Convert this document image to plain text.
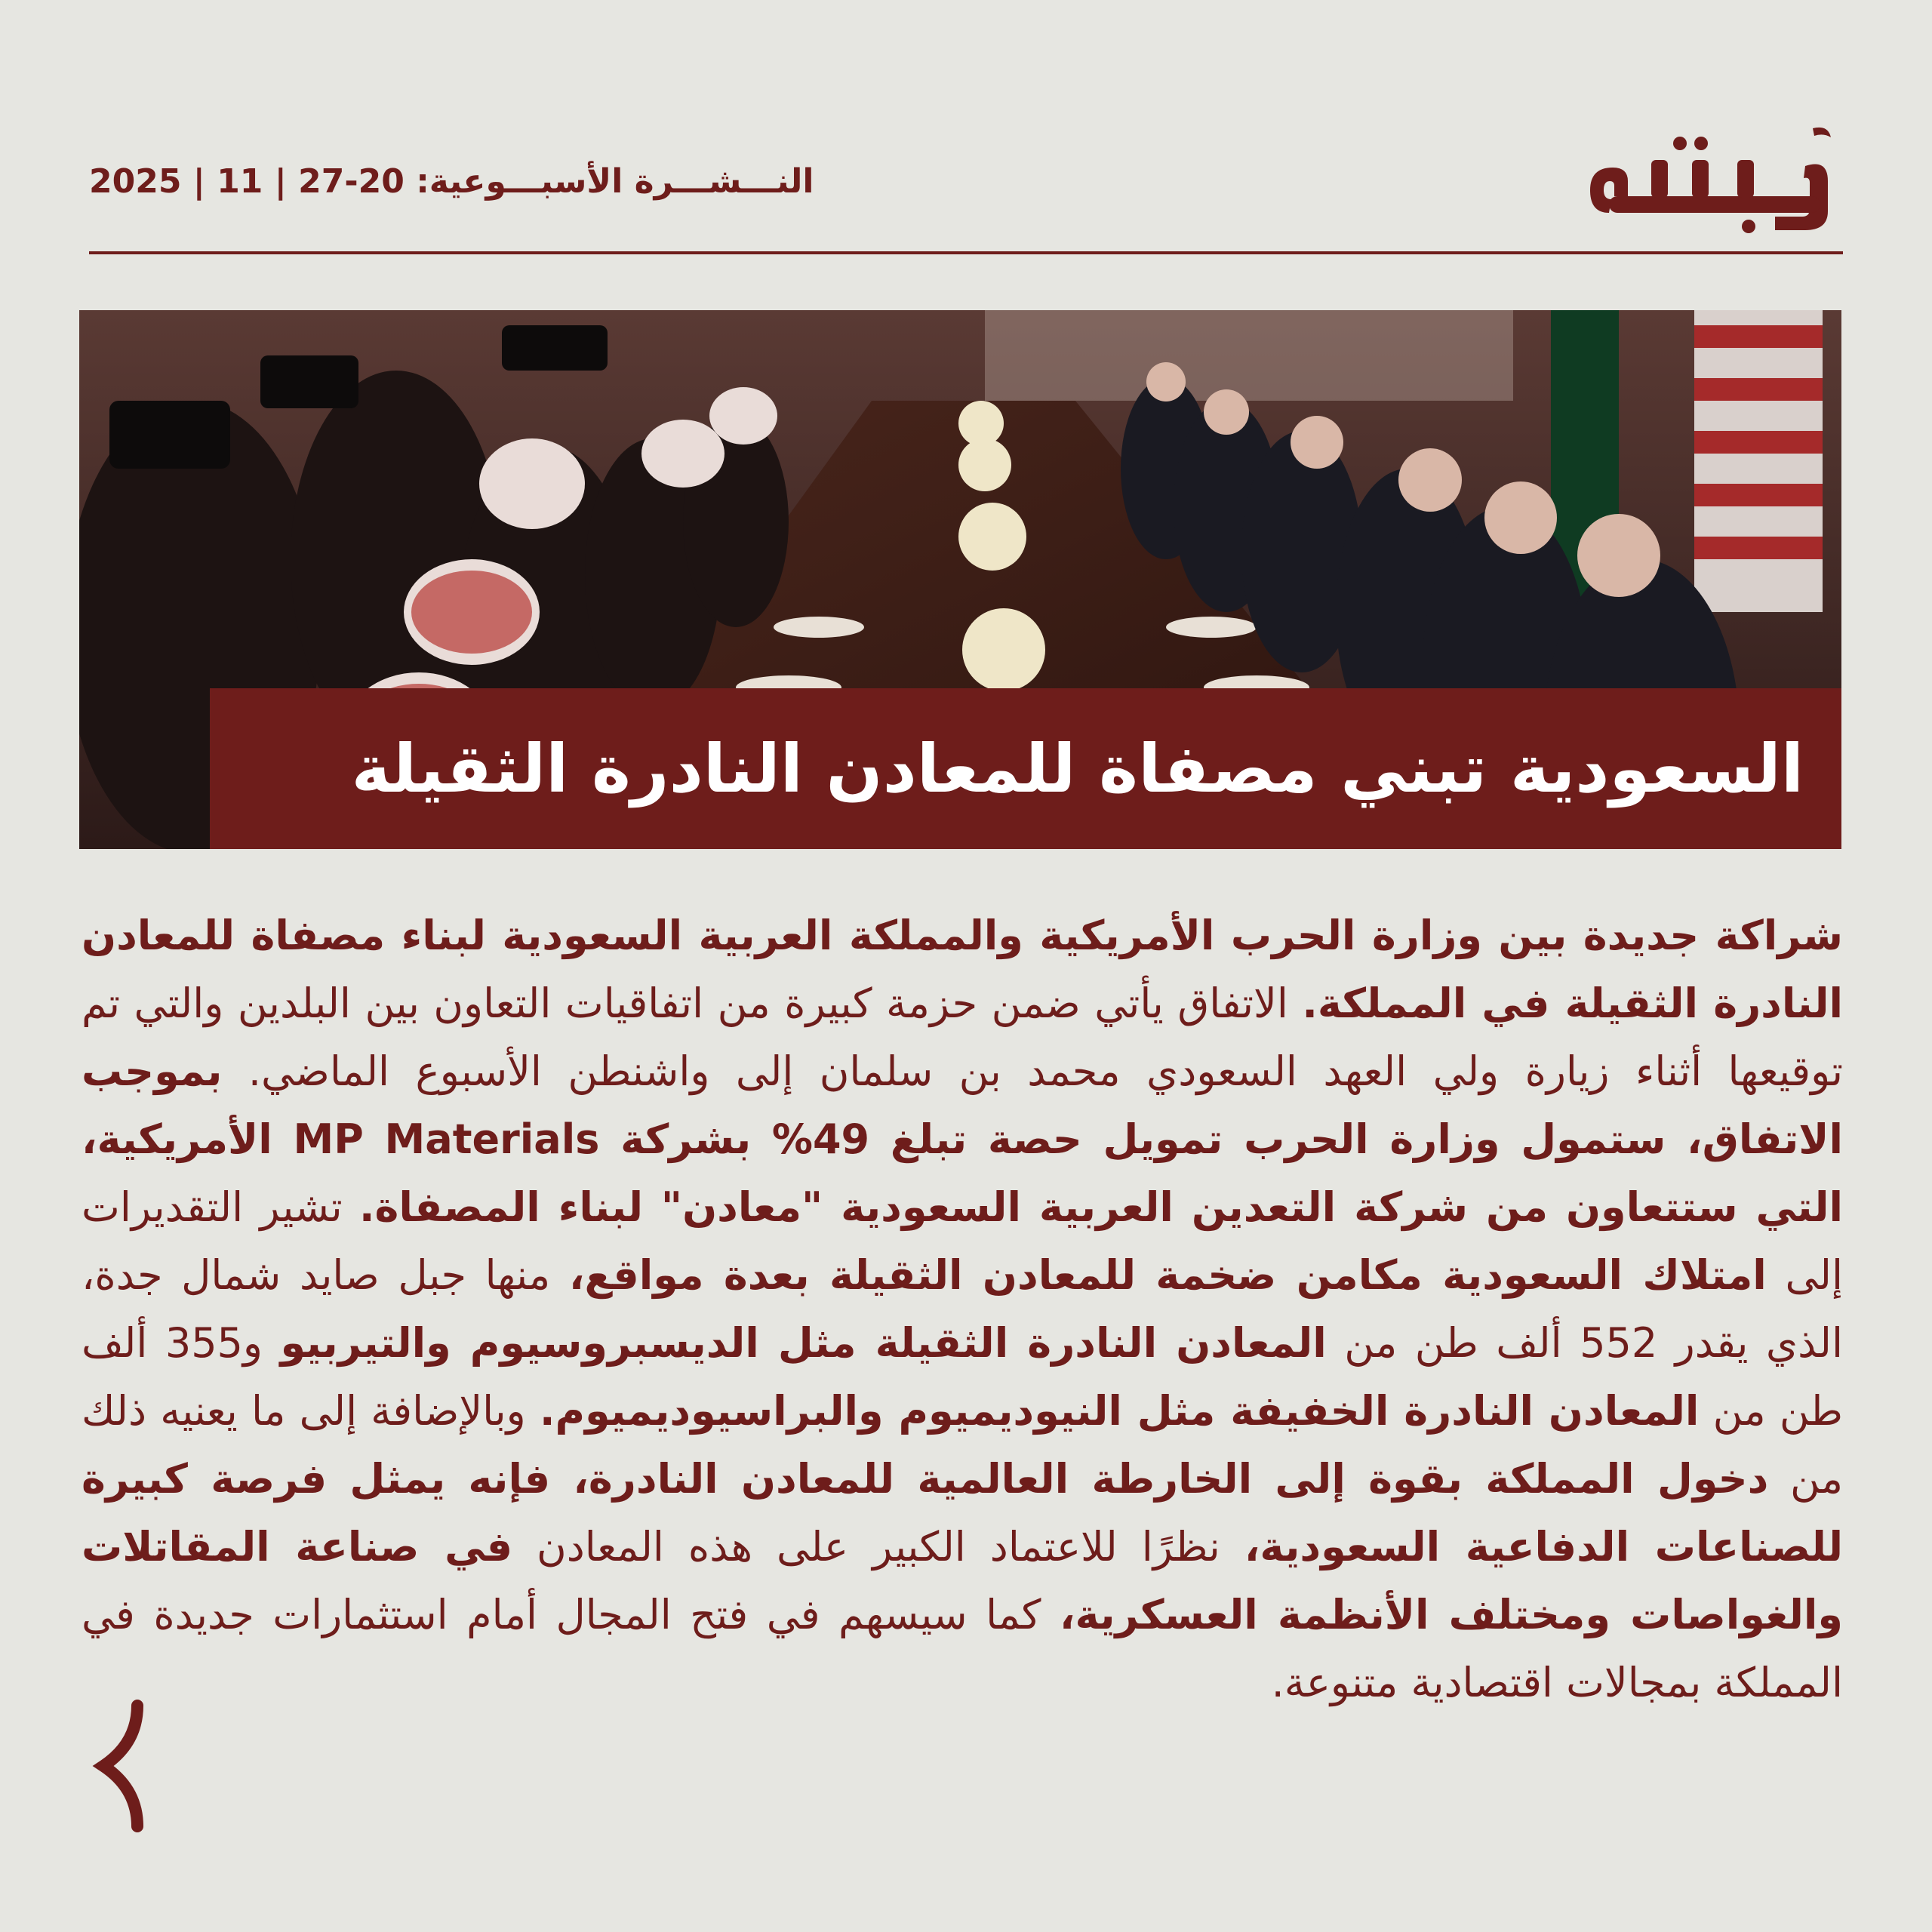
النـــشـــرة الأسبـــوعية: 20-27 | 11 | 2025
السعودية تبني مصفاة للمعادن النادرة الثقيلة
شراكة جديدة بين وزارة الحرب الأمريكية والمملكة العربية السعودية لبناء مصفاة للمعادن النادرة الثقيلة في المملكة. الاتفاق يأتي ضمن حزمة كبيرة من اتفاقيات التعاون بين البلدين والتي تم توقيعها أثناء زيارة ولي العهد السعودي محمد بن سلمان إلى واشنطن الأسبوع الماضي. بموجب الاتفاق، ستمول وزارة الحرب تمويل حصة تبلغ 49% بشركة MP Materials الأمريكية، التي ستتعاون من شركة التعدين العربية السعودية "معادن" لبناء المصفاة. تشير التقديرات إلى امتلاك السعودية مكامن ضخمة للمعادن الثقيلة بعدة مواقع، منها جبل صايد شمال جدة، الذي يقدر 552 ألف طن من المعادن النادرة الثقيلة مثل الديسبروسيوم والتيربيو و355 ألف طن من المعادن النادرة الخفيفة مثل النيوديميوم والبراسيوديميوم. وبالإضافة إلى ما يعنيه ذلك من دخول المملكة بقوة إلى الخارطة العالمية للمعادن النادرة، فإنه يمثل فرصة كبيرة للصناعات الدفاعية السعودية، نظرًا للاعتماد الكبير على هذه المعادن في صناعة المقاتلات والغواصات ومختلف الأنظمة العسكرية، كما سيسهم في فتح المجال أمام استثمارات جديدة في المملكة بمجالات اقتصادية متنوعة.
